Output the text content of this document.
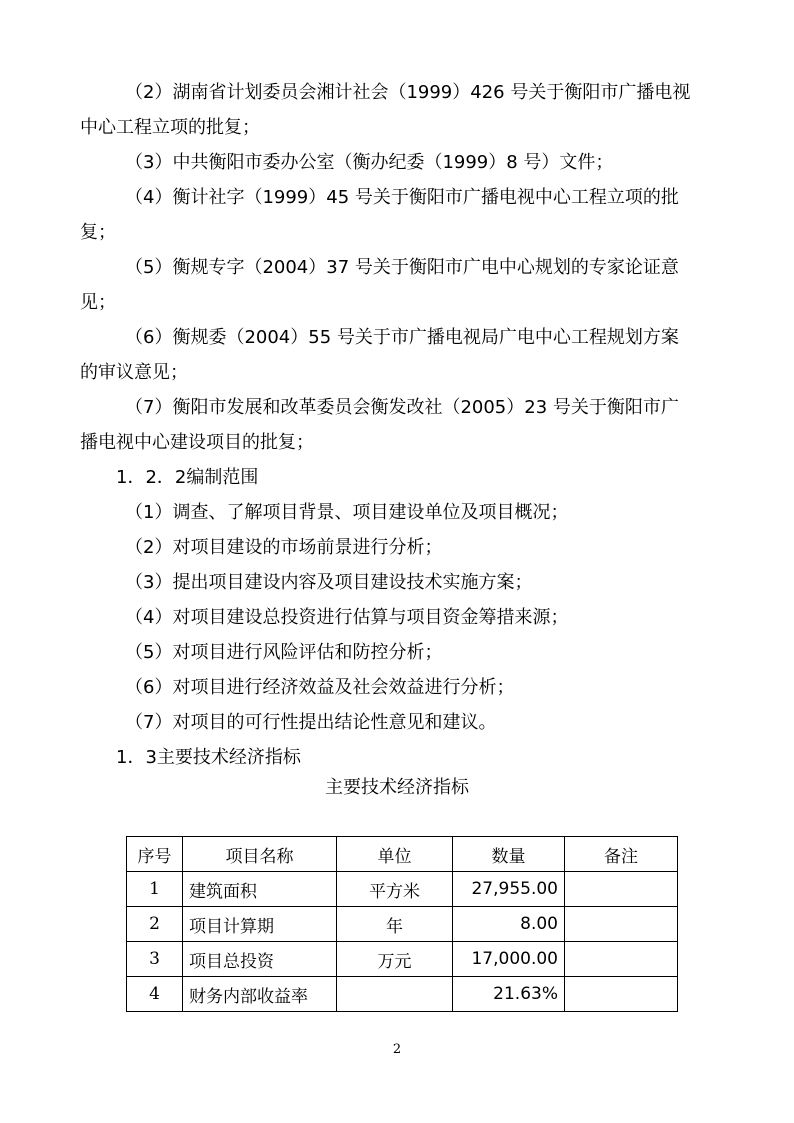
（2）湖南省计划委员会湘计社会（1999）426 号关于衡阳市广播电视
中心工程立项的批复；
（3）中共衡阳市委办公室（衡办纪委（1999）8 号）文件；
（4）衡计社字（1999）45 号关于衡阳市广播电视中心工程立项的批
复；
（5）衡规专字（2004）37 号关于衡阳市广电中心规划的专家论证意
见；
（6）衡规委（2004）55 号关于市广播电视局广电中心工程规划方案
的审议意见；
（7）衡阳市发展和改革委员会衡发改社（2005）23 号关于衡阳市广
播电视中心建设项目的批复；
1．2．2编制范围
（1）调查、了解项目背景、项目建设单位及项目概况；
（2）对项目建设的市场前景进行分析；
（3）提出项目建设内容及项目建设技术实施方案；
（4）对项目建设总投资进行估算与项目资金筹措来源；
（5）对项目进行风险评估和防控分析；
（6）对项目进行经济效益及社会效益进行分析；
（7）对项目的可行性提出结论性意见和建议。
1．3主要技术经济指标
主要技术经济指标
序号	项目名称	单位	数量	备注
1	建筑面积	平方米	27,955.00	
2	项目计算期	年	8.00	
3	项目总投资	万元	17,000.00	
4	财务内部收益率		21.63%	
2
